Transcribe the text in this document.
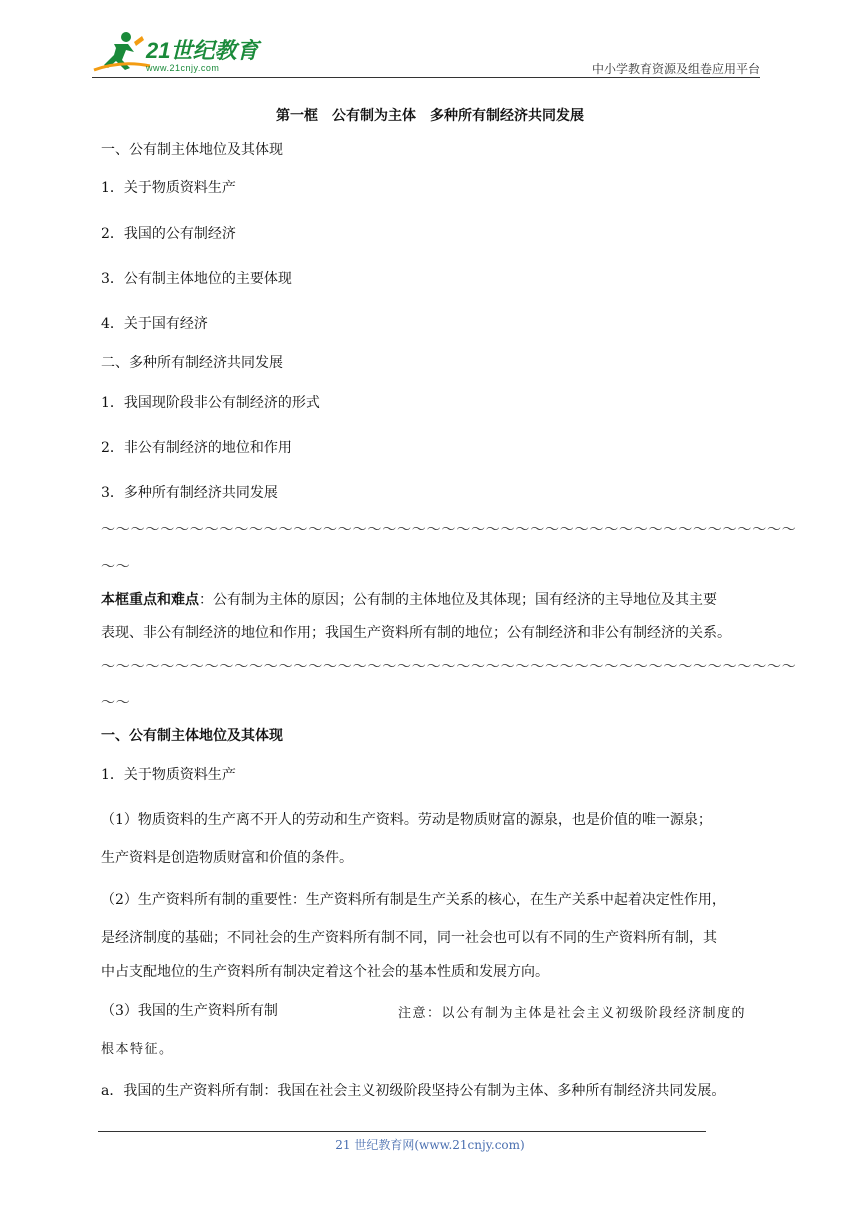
21世纪教育
www.21cnjy.com	中小学教育资源及组卷应用平台
第一框　公有制为主体　多种所有制经济共同发展
一、公有制主体地位及其体现
1．关于物质资料生产
2．我国的公有制经济
3．公有制主体地位的主要体现
4．关于国有经济
二、多种所有制经济共同发展
1．我国现阶段非公有制经济的形式
2．非公有制经济的地位和作用
3．多种所有制经济共同发展
～～～～～～～～～～～～～～～～～～～～～～～～～～～～～～～～～～～～～～～～～～～～～～～
～～
本框重点和难点：公有制为主体的原因；公有制的主体地位及其体现；国有经济的主导地位及其主要
表现、非公有制经济的地位和作用；我国生产资料所有制的地位；公有制经济和非公有制经济的关系。
～～～～～～～～～～～～～～～～～～～～～～～～～～～～～～～～～～～～～～～～～～～～～～～
～～
一、公有制主体地位及其体现
1．关于物质资料生产
（1）物质资料的生产离不开人的劳动和生产资料。劳动是物质财富的源泉，也是价值的唯一源泉；
生产资料是创造物质财富和价值的条件。
（2）生产资料所有制的重要性：生产资料所有制是生产关系的核心，在生产关系中起着决定性作用，
是经济制度的基础；不同社会的生产资料所有制不同，同一社会也可以有不同的生产资料所有制，其
中占支配地位的生产资料所有制决定着这个社会的基本性质和发展方向。
（3）我国的生产资料所有制	注意：以公有制为主体是社会主义初级阶段经济制度的
根本特征。
a．我国的生产资料所有制：我国在社会主义初级阶段坚持公有制为主体、多种所有制经济共同发展。
21 世纪教育网(www.21cnjy.com)
